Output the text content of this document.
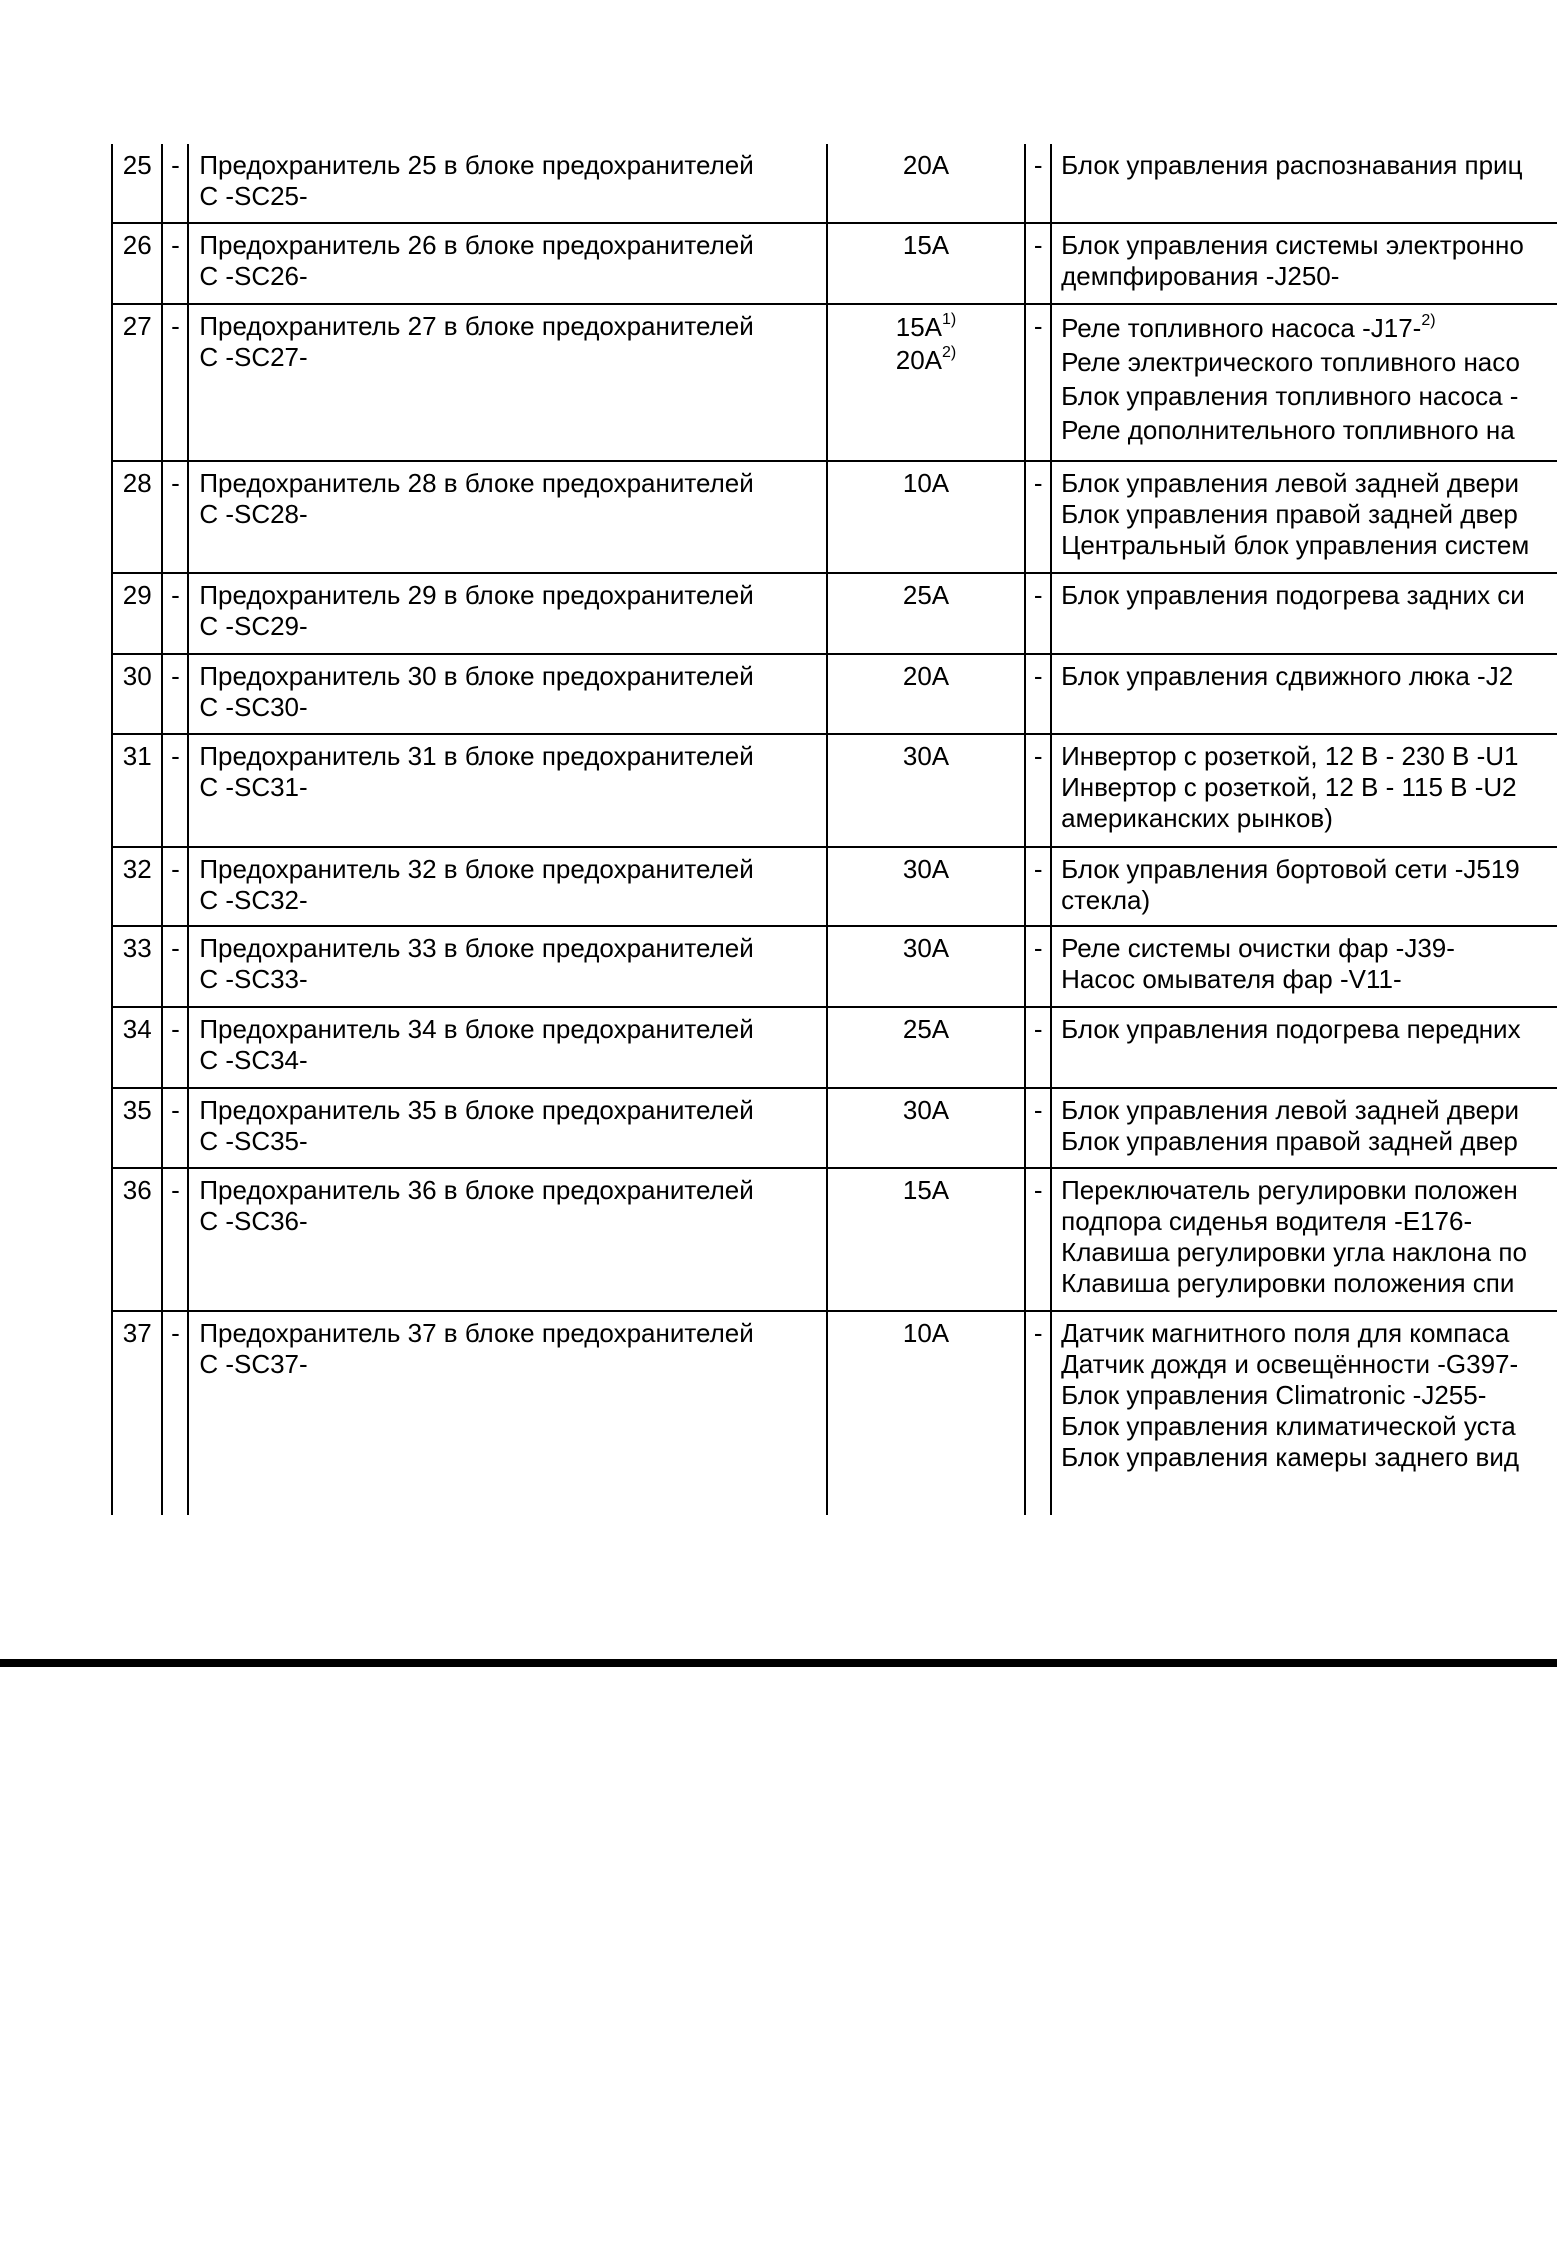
25	-	Предохранитель 25 в блоке предохранителей
C -SC25-	20A	-	Блок управления распознавания приц

26	-	Предохранитель 26 в блоке предохранителей
C -SC26-	15A	-	Блок управления системы электронно
демпфирования -J250-

27	-	Предохранитель 27 в блоке предохранителей
C -SC27-	$15A^{1)}$
$20A^{2)}$	-	Реле топливного насоса -J17-$^{2)}$
Реле электрического топливного насо
Блок управления топливного насоса -
Реле дополнительного топливного на

28	-	Предохранитель 28 в блоке предохранителей
C -SC28-	10A	-	Блок управления левой задней двери
Блок управления правой задней двер
Центральный блок управления систем

29	-	Предохранитель 29 в блоке предохранителей
C -SC29-	25A	-	Блок управления подогрева задних си

30	-	Предохранитель 30 в блоке предохранителей
C -SC30-	20A	-	Блок управления сдвижного люка -J2

31	-	Предохранитель 31 в блоке предохранителей
C -SC31-	30A	-	Инвертор с розеткой, 12 В - 230 В -U1
Инвертор с розеткой, 12 В - 115 В -U2
американских рынков)

32	-	Предохранитель 32 в блоке предохранителей
C -SC32-	30A	-	Блок управления бортовой сети -J519
стекла)

33	-	Предохранитель 33 в блоке предохранителей
C -SC33-	30A	-	Реле системы очистки фар -J39-
Насос омывателя фар -V11-

34	-	Предохранитель 34 в блоке предохранителей
C -SC34-	25A	-	Блок управления подогрева передних

35	-	Предохранитель 35 в блоке предохранителей
C -SC35-	30A	-	Блок управления левой задней двери
Блок управления правой задней двер

36	-	Предохранитель 36 в блоке предохранителей
C -SC36-	15A	-	Переключатель регулировки положен
подпора сиденья водителя -E176-
Клавиша регулировки угла наклона по
Клавиша регулировки положения спи

37	-	Предохранитель 37 в блоке предохранителей
C -SC37-	10A	-	Датчик магнитного поля для компаса
Датчик дождя и освещённости -G397-
Блок управления Climatronic -J255-
Блок управления климатической уста
Блок управления камеры заднего вид
